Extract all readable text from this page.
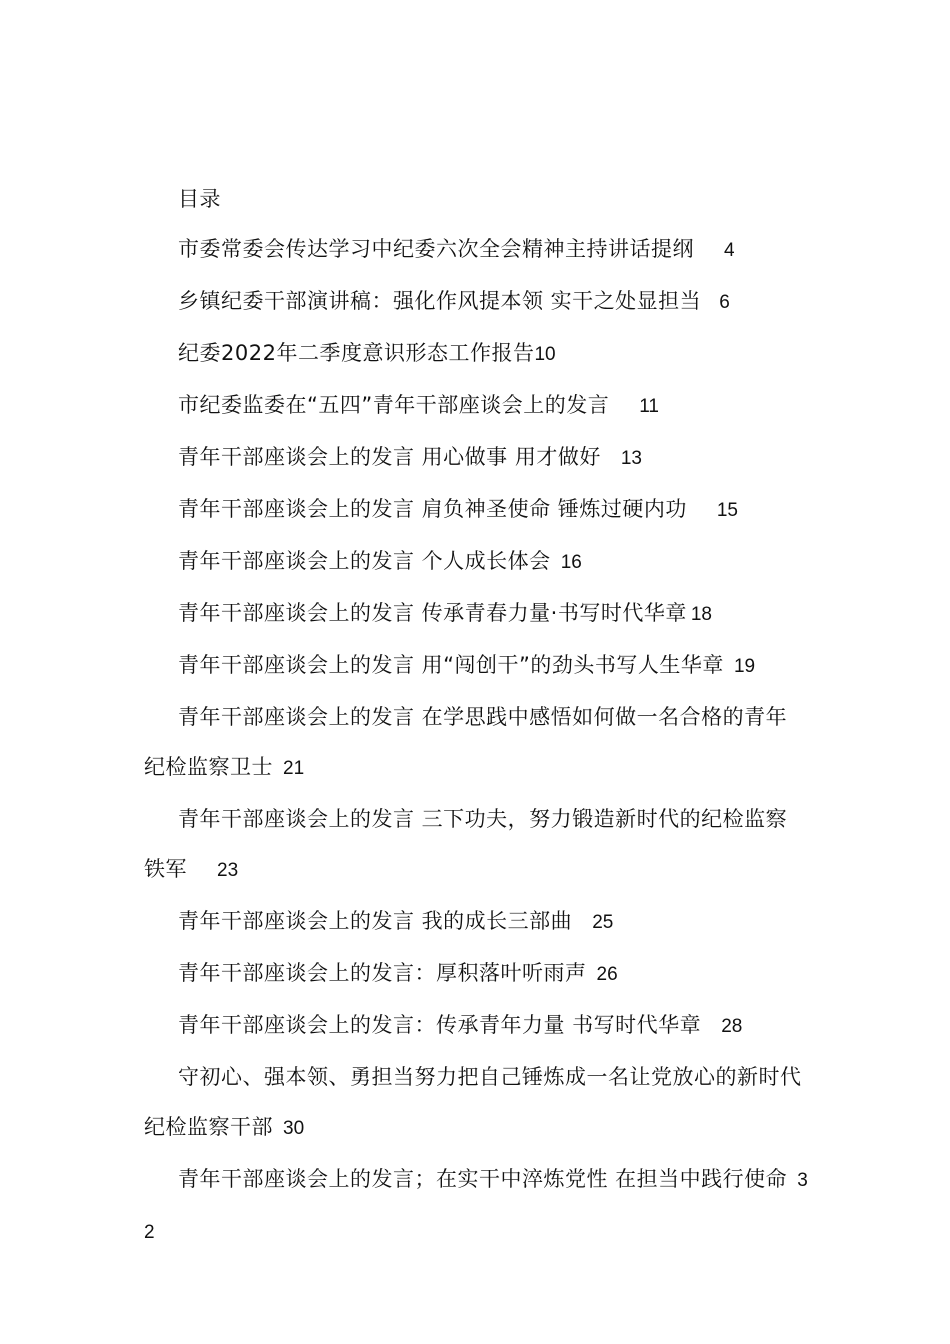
目录
市委常委会传达学习中纪委六次全会精神主持讲话提纲 4
乡镇纪委干部演讲稿：强化作风提本领 实干之处显担当 6
纪委2022年二季度意识形态工作报告10
市纪委监委在“五四”青年干部座谈会上的发言 11
青年干部座谈会上的发言 用心做事 用才做好 13
青年干部座谈会上的发言 肩负神圣使命 锤炼过硬内功 15
青年干部座谈会上的发言 个人成长体会 16
青年干部座谈会上的发言 传承青春力量·书写时代华章 18
青年干部座谈会上的发言 用“闯创干”的劲头书写人生华章 19
青年干部座谈会上的发言 在学思践中感悟如何做一名合格的青年纪检监察卫士 21
青年干部座谈会上的发言 三下功夫，努力锻造新时代的纪检监察铁军 23
青年干部座谈会上的发言 我的成长三部曲 25
青年干部座谈会上的发言：厚积落叶听雨声 26
青年干部座谈会上的发言：传承青年力量 书写时代华章 28
守初心、强本领、勇担当努力把自己锤炼成一名让党放心的新时代纪检监察干部 30
青年干部座谈会上的发言；在实干中淬炼党性 在担当中践行使命 32
